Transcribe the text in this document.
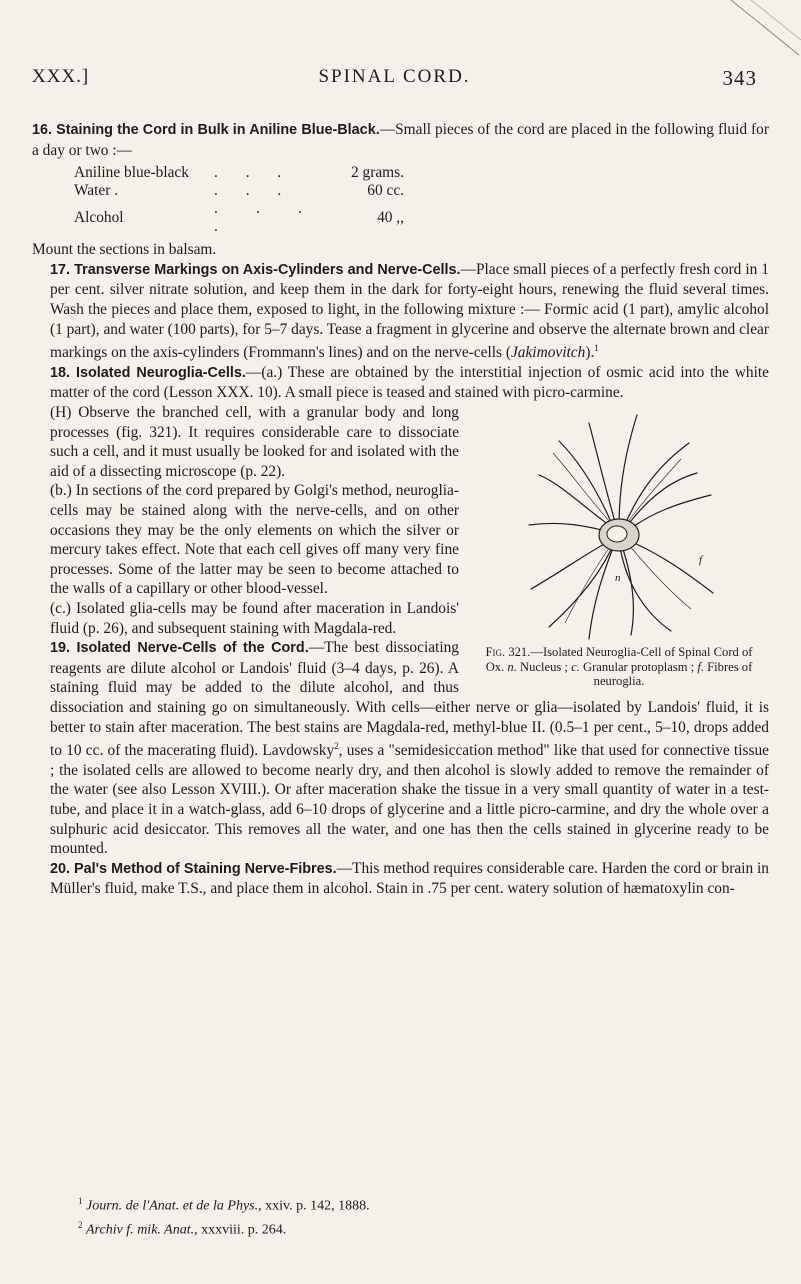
XXX.]	SPINAL CORD.	343

16. Staining the Cord in Bulk in Aniline Blue-Black.—Small pieces of the cord are placed in the following fluid for a day or two :—

Aniline blue-black	. . .	2 grams.
Water .	. . .	60 cc.
Alcohol	. . . .	40 ,,

Mount the sections in balsam.

17. Transverse Markings on Axis-Cylinders and Nerve-Cells.—Place small pieces of a perfectly fresh cord in 1 per cent. silver nitrate solution, and keep them in the dark for forty-eight hours, renewing the fluid several times. Wash the pieces and place them, exposed to light, in the following mixture :— Formic acid (1 part), amylic alcohol (1 part), and water (100 parts), for 5–7 days. Tease a fragment in glycerine and observe the alternate brown and clear markings on the axis-cylinders (Frommann's lines) and on the nerve-cells (Jakimovitch).$^1$

18. Isolated Neuroglia-Cells.—(a.) These are obtained by the interstitial injection of osmic acid into the white matter of the cord (Lesson XXX. 10). A small piece is teased and stained with picro-carmine.

n
f
Fig. 321.—Isolated Neuroglia-Cell of Spinal Cord of Ox. n. Nucleus ; c. Granular protoplasm ; f. Fibres of neuroglia.

(H) Observe the branched cell, with a granular body and long processes (fig. 321). It requires considerable care to dissociate such a cell, and it must usually be looked for and isolated with the aid of a dissecting microscope (p. 22).

(b.) In sections of the cord prepared by Golgi's method, neuroglia-cells may be stained along with the nerve-cells, and on other occasions they may be the only elements on which the silver or mercury takes effect. Note that each cell gives off many very fine processes. Some of the latter may be seen to become attached to the walls of a capillary or other blood-vessel.

(c.) Isolated glia-cells may be found after maceration in Landois' fluid (p. 26), and subsequent staining with Magdala-red.

19. Isolated Nerve-Cells of the Cord.—The best dissociating reagents are dilute alcohol or Landois' fluid (3–4 days, p. 26). A staining fluid may be added to the dilute alcohol, and thus dissociation and staining go on simultaneously. With cells—either nerve or glia—isolated by Landois' fluid, it is better to stain after maceration. The best stains are Magdala-red, methyl-blue II. (0.5–1 per cent., 5–10, drops added to 10 cc. of the macerating fluid). Lavdowsky$^2$, uses a "semidesiccation method" like that used for connective tissue ; the isolated cells are allowed to become nearly dry, and then alcohol is slowly added to remove the remainder of the water (see also Lesson XVIII.). Or after maceration shake the tissue in a very small quantity of water in a test-tube, and place it in a watch-glass, add 6–10 drops of glycerine and a little picro-carmine, and dry the whole over a sulphuric acid desiccator. This removes all the water, and one has then the cells stained in glycerine ready to be mounted.

20. Pal's Method of Staining Nerve-Fibres.—This method requires considerable care. Harden the cord or brain in Müller's fluid, make T.S., and place them in alcohol. Stain in .75 per cent. watery solution of hæmatoxylin con-

$^1$ Journ. de l'Anat. et de la Phys., xxiv. p. 142, 1888.

$^2$ Archiv f. mik. Anat., xxxviii. p. 264.
